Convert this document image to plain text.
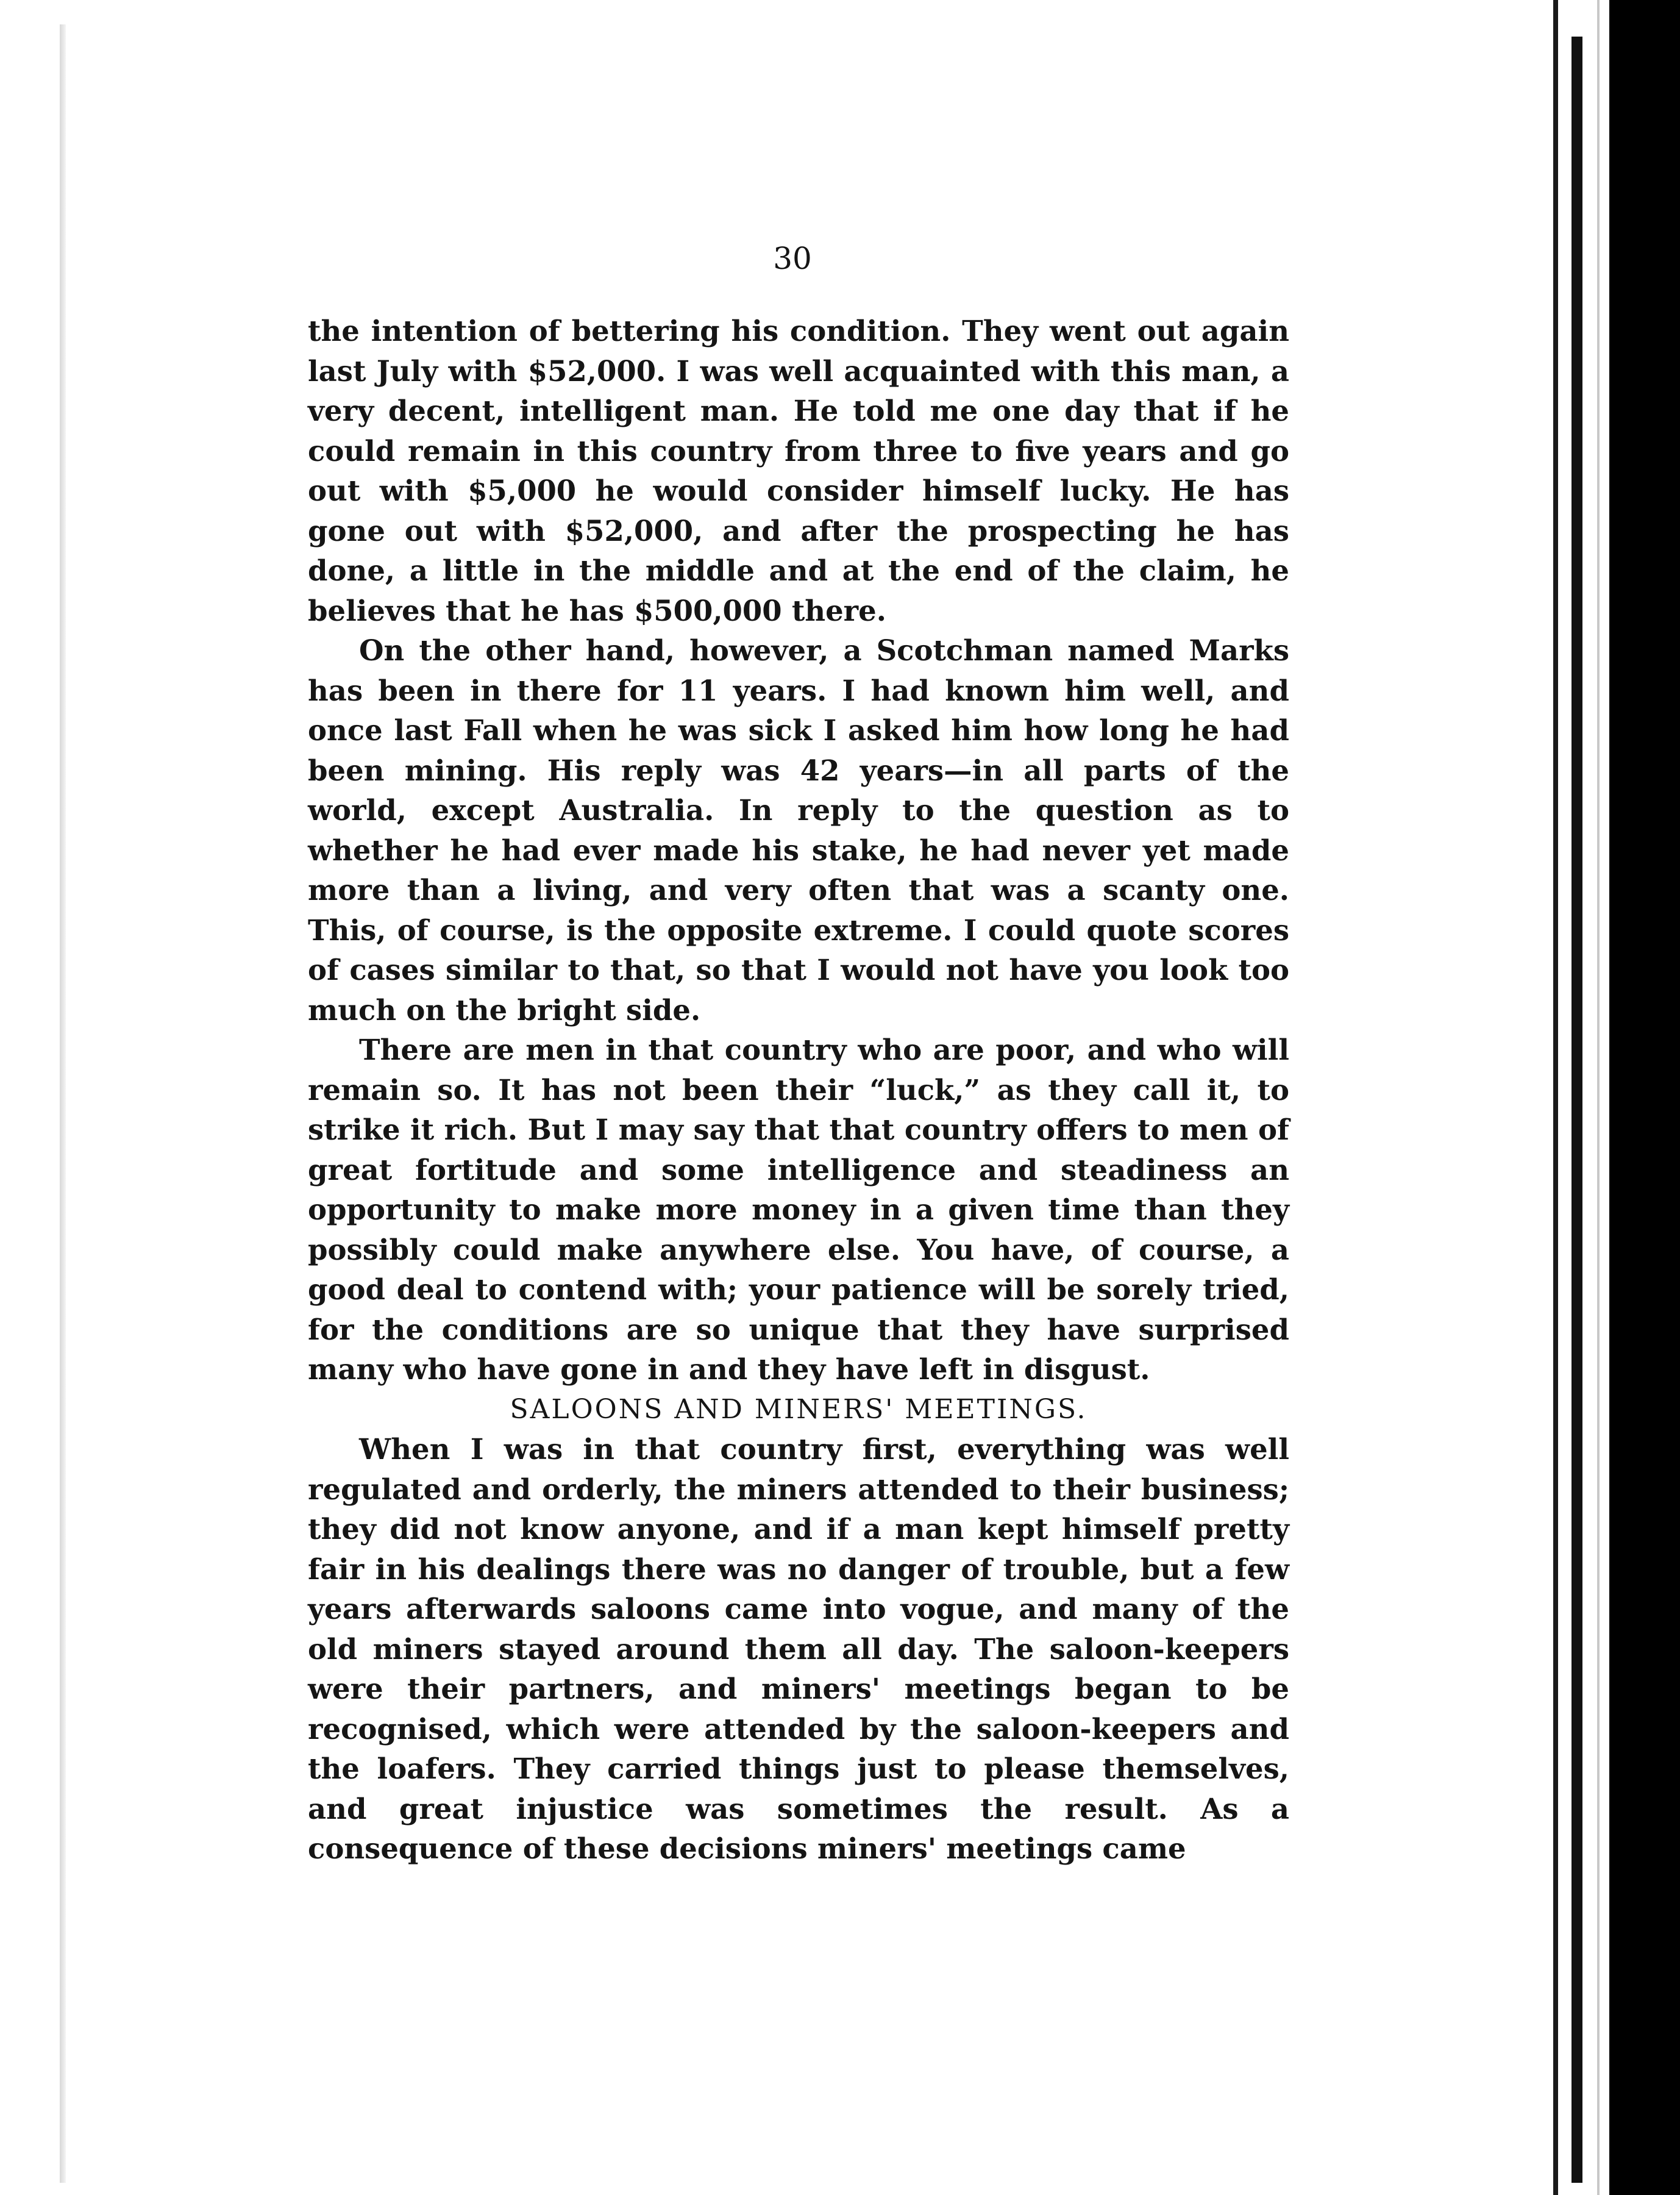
30

the intention of bettering his condition. They went out again last July with $52,000. I was well acquainted with this man, a very decent, intelligent man. He told me one day that if he could remain in this country from three to five years and go out with $5,000 he would consider himself lucky. He has gone out with $52,000, and after the prospecting he has done, a little in the middle and at the end of the claim, he believes that he has $500,000 there.

On the other hand, however, a Scotchman named Marks has been in there for 11 years. I had known him well, and once last Fall when he was sick I asked him how long he had been mining. His reply was 42 years—in all parts of the world, except Australia. In reply to the question as to whether he had ever made his stake, he had never yet made more than a living, and very often that was a scanty one. This, of course, is the opposite extreme. I could quote scores of cases similar to that, so that I would not have you look too much on the bright side.

There are men in that country who are poor, and who will remain so. It has not been their “luck,” as they call it, to strike it rich. But I may say that that country offers to men of great fortitude and some intelligence and steadiness an opportunity to make more money in a given time than they possibly could make anywhere else. You have, of course, a good deal to contend with; your patience will be sorely tried, for the conditions are so unique that they have surprised many who have gone in and they have left in disgust.

SALOONS AND MINERS' MEETINGS.

When I was in that country first, everything was well regulated and orderly, the miners attended to their business; they did not know anyone, and if a man kept himself pretty fair in his dealings there was no danger of trouble, but a few years afterwards saloons came into vogue, and many of the old miners stayed around them all day. The saloon-keepers were their partners, and miners' meetings began to be recognised, which were attended by the saloon-keepers and the loafers. They carried things just to please themselves, and great injustice was sometimes the result. As a consequence of these decisions miners' meetings came
